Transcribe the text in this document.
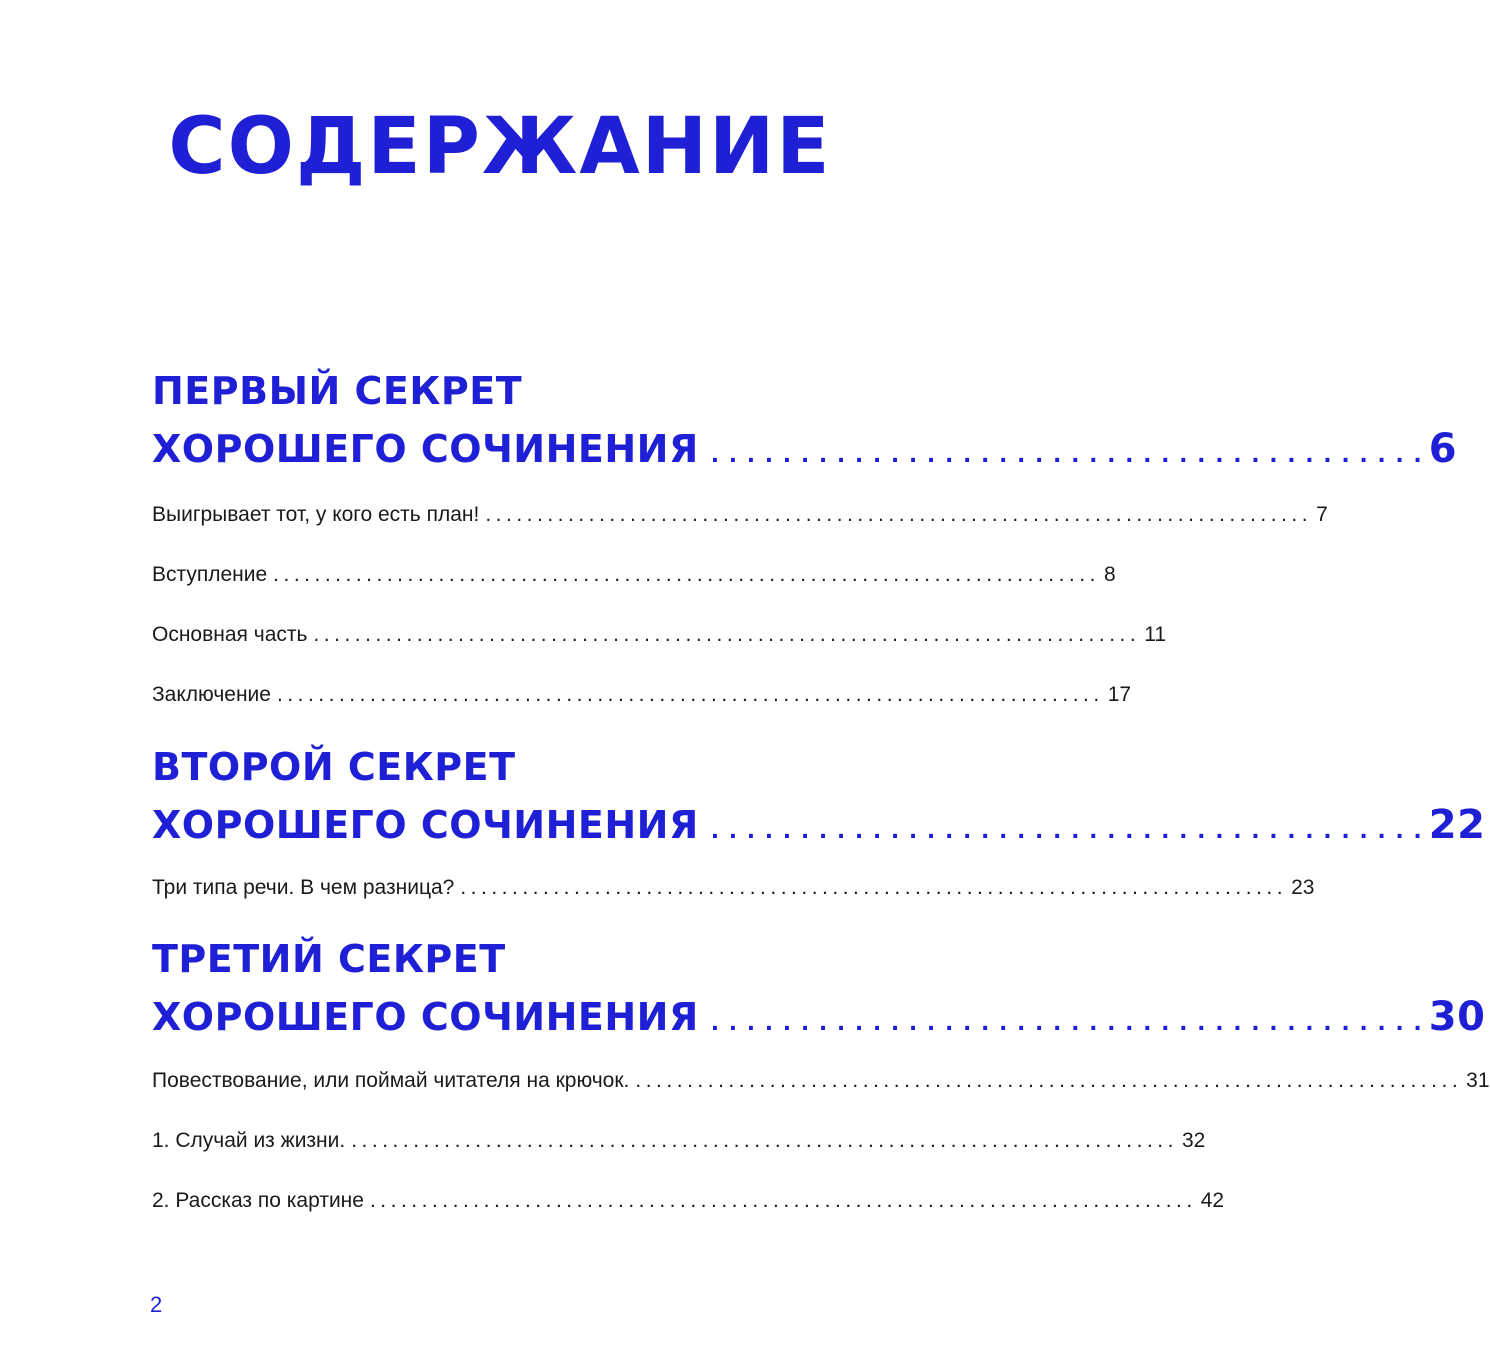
СОДЕРЖАНИЕ
ПЕРВЫЙ СЕКРЕТ
ХОРОШЕГО СОЧИНЕНИЯ . . . . . . . . . . . . . . . . . . . . . . . . . . . . . . . . . . . . . . . . 6
Выигрывает тот, у кого есть план! ................................................................................ 7
Вступление ................................................................................ 8
Основная часть ................................................................................ 11
Заключение ................................................................................ 17
ВТОРОЙ СЕКРЕТ
ХОРОШЕГО СОЧИНЕНИЯ . . . . . . . . . . . . . . . . . . . . . . . . . . . . . . . . . . . . . . . . 22
Три типа речи. В чем разница? ................................................................................ 23
ТРЕТИЙ СЕКРЕТ
ХОРОШЕГО СОЧИНЕНИЯ . . . . . . . . . . . . . . . . . . . . . . . . . . . . . . . . . . . . . . . . 30
Повествование, или поймай читателя на крючок. ................................................................................ 31
1. Случай из жизни. ................................................................................ 32
2. Рассказ по картине ................................................................................ 42
2
